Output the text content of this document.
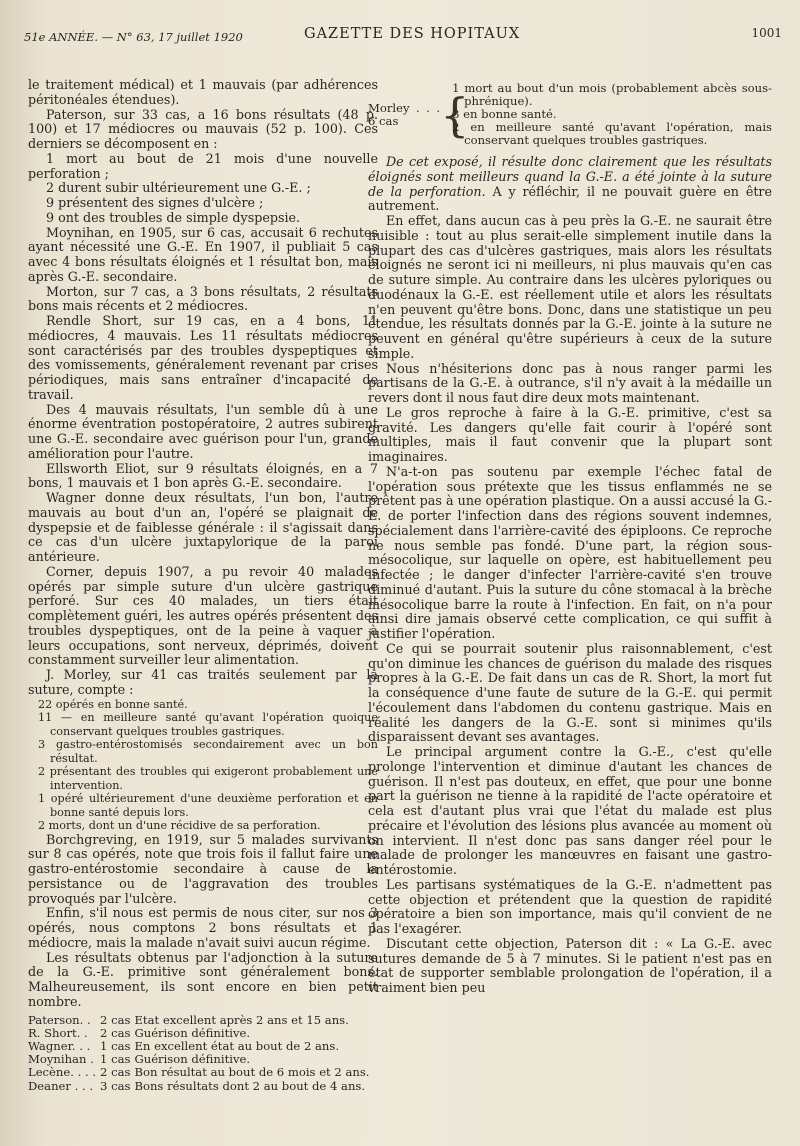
51e ANNÉE. — N° 63, 17 juillet 1920	GAZETTE DES HOPITAUX	1001

le traitement médical) et 1 mauvais (par adhérences péritonéales étendues).

Paterson, sur 33 cas, a 16 bons résultats (48 p. 100) et 17 médiocres ou mauvais (52 p. 100). Ces derniers se décomposent en :

1 mort au bout de 21 mois d'une nouvelle perforation ;

2 durent subir ultérieurement une G.-E. ;

9 présentent des signes d'ulcère ;

9 ont des troubles de simple dyspepsie.

Moynihan, en 1905, sur 6 cas, accusait 6 rechutes ayant nécessité une G.-E. En 1907, il publiait 5 cas avec 4 bons résultats éloignés et 1 résultat bon, mais après G.-E. secondaire.

Morton, sur 7 cas, a 3 bons résultats, 2 résultats bons mais récents et 2 médiocres.

Rendle Short, sur 19 cas, en a 4 bons, 11 médiocres, 4 mauvais. Les 11 résultats médiocres sont caractérisés par des troubles dyspeptiques et des vomissements, généralement revenant par crises périodiques, mais sans entraîner d'incapacité de travail.

Des 4 mauvais résultats, l'un semble dû à une énorme éventration postopératoire, 2 autres subirent une G.-E. secondaire avec guérison pour l'un, grande amélioration pour l'autre.

Ellsworth Eliot, sur 9 résultats éloignés, en a 7 bons, 1 mauvais et 1 bon après G.-E. secondaire.

Wagner donne deux résultats, l'un bon, l'autre mauvais au bout d'un an, l'opéré se plaignait de dyspepsie et de faiblesse générale : il s'agissait dans ce cas d'un ulcère juxtapylorique de la paroi antérieure.

Corner, depuis 1907, a pu revoir 40 malades opérés par simple suture d'un ulcère gastrique perforé. Sur ces 40 malades, un tiers était complètement guéri, les autres opérés présentent des troubles dyspeptiques, ont de la peine à vaquer à leurs occupations, sont nerveux, déprimés, doivent constamment surveiller leur alimentation.

J. Morley, sur 41 cas traités seulement par la suture, compte :

22 opérés en bonne santé.

11 — en meilleure santé qu'avant l'opération quoique conservant quelques troubles gastriques.

3 gastro-entérostomisés secondairement avec un bon résultat.

2 présentant des troubles qui exigeront probablement une intervention.

1 opéré ultérieurement d'une deuxième perforation et en bonne santé depuis lors.

2 morts, dont un d'une récidive de sa perforation.

Borchgreving, en 1919, sur 5 malades survivants sur 8 cas opérés, note que trois fois il fallut faire une gastro-entérostomie secondaire à cause de la persistance ou de l'aggravation des troubles provoqués par l'ulcère.

Enfin, s'il nous est permis de nous citer, sur nos 3 opérés, nous comptons 2 bons résultats et 1 médiocre, mais la malade n'avait suivi aucun régime.

Les résultats obtenus par l'adjonction à la suture de la G.-E. primitive sont généralement bons. Malheureusement, ils sont encore en bien petit nombre.

Paterson. .	2 cas	Etat excellent après 2 ans et 15 ans.
R. Short. .	2 cas	Guérison définitive.
Wagner. . .	1 cas	En excellent état au bout de 2 ans.
Moynihan .	1 cas	Guérison définitive.
Lecène. . . .	2 cas	Bon résultat au bout de 6 mois et 2 ans.
Deaner . . .	3 cas	Bons résultats dont 2 au bout de 4 ans.
Morley . . . 6 cas {
1 mort au bout d'un mois (probablement abcès sous-phrénique).
3 en bonne santé.
2 en meilleure santé qu'avant l'opération, mais conservant quelques troubles gastriques.

De cet exposé, il résulte donc clairement que les résultats éloignés sont meilleurs quand la G.-E. a été jointe à la suture de la perforation. A y réfléchir, il ne pouvait guère en être autrement.

En effet, dans aucun cas à peu près la G.-E. ne saurait être nuisible : tout au plus serait-elle simplement inutile dans la plupart des cas d'ulcères gastriques, mais alors les résultats éloignés ne seront ici ni meilleurs, ni plus mauvais qu'en cas de suture simple. Au contraire dans les ulcères pyloriques ou duodénaux la G.-E. est réellement utile et alors les résultats n'en peuvent qu'être bons. Donc, dans une statistique un peu étendue, les résultats donnés par la G.-E. jointe à la suture ne peuvent en général qu'être supérieurs à ceux de la suture simple.

Nous n'hésiterions donc pas à nous ranger parmi les partisans de la G.-E. à outrance, s'il n'y avait à la médaille un revers dont il nous faut dire deux mots maintenant.

Le gros reproche à faire à la G.-E. primitive, c'est sa gravité. Les dangers qu'elle fait courir à l'opéré sont multiples, mais il faut convenir que la plupart sont imaginaires.

N'a-t-on pas soutenu par exemple l'échec fatal de l'opération sous prétexte que les tissus enflammés ne se prêtent pas à une opération plastique. On a aussi accusé la G.-E. de porter l'infection dans des régions souvent indemnes, spécialement dans l'arrière-cavité des épiploons. Ce reproche ne nous semble pas fondé. D'une part, la région sous-mésocolique, sur laquelle on opère, est habituellement peu infectée ; le danger d'infecter l'arrière-cavité s'en trouve diminué d'autant. Puis la suture du cône stomacal à la brèche mésocolique barre la route à l'infection. En fait, on n'a pour ainsi dire jamais observé cette complication, ce qui suffit à justifier l'opération.

Ce qui se pourrait soutenir plus raisonnablement, c'est qu'on diminue les chances de guérison du malade des risques propres à la G.-E. De fait dans un cas de R. Short, la mort fut la conséquence d'une faute de suture de la G.-E. qui permit l'écoulement dans l'abdomen du contenu gastrique. Mais en réalité les dangers de la G.-E. sont si minimes qu'ils disparaissent devant ses avantages.

Le principal argument contre la G.-E., c'est qu'elle prolonge l'intervention et diminue d'autant les chances de guérison. Il n'est pas douteux, en effet, que pour une bonne part la guérison ne tienne à la rapidité de l'acte opératoire et cela est d'autant plus vrai que l'état du malade est plus précaire et l'évolution des lésions plus avancée au moment où on intervient. Il n'est donc pas sans danger réel pour le malade de prolonger les manœuvres en faisant une gastro-entérostomie.

Les partisans systématiques de la G.-E. n'admettent pas cette objection et prétendent que la question de rapidité opératoire a bien son importance, mais qu'il convient de ne pas l'exagérer.

Discutant cette objection, Paterson dit : « La G.-E. avec sutures demande de 5 à 7 minutes. Si le patient n'est pas en état de supporter semblable prolongation de l'opération, il a vraiment bien peu
